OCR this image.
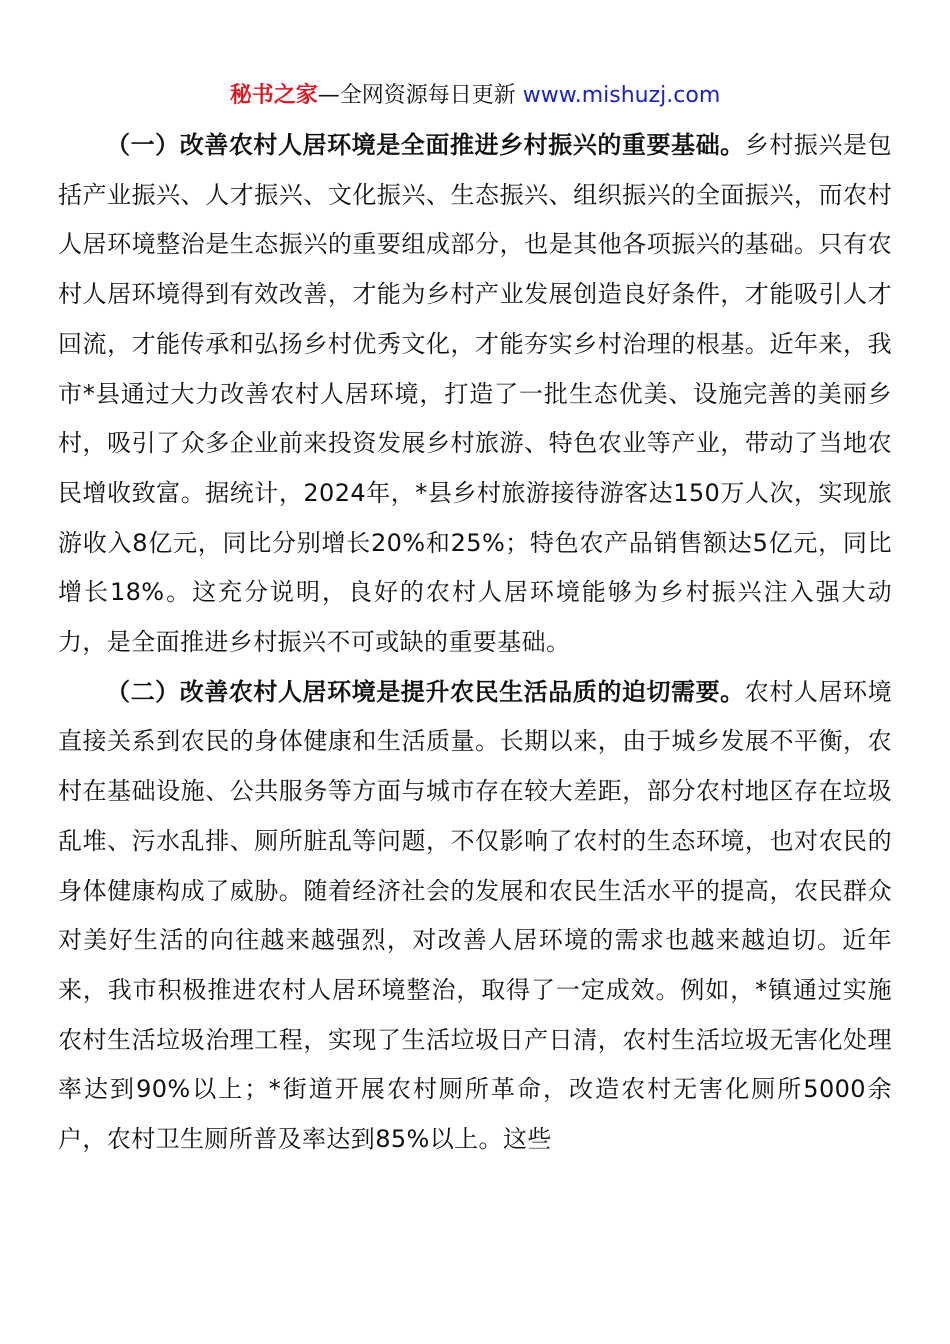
秘书之家—全网资源每日更新 www.mishuzj.com

（一）改善农村人居环境是全面推进乡村振兴的重要基础。乡村振兴是包括产业振兴、人才振兴、文化振兴、生态振兴、组织振兴的全面振兴，而农村人居环境整治是生态振兴的重要组成部分，也是其他各项振兴的基础。只有农村人居环境得到有效改善，才能为乡村产业发展创造良好条件，才能吸引人才回流，才能传承和弘扬乡村优秀文化，才能夯实乡村治理的根基。近年来，我市*县通过大力改善农村人居环境，打造了一批生态优美、设施完善的美丽乡村，吸引了众多企业前来投资发展乡村旅游、特色农业等产业，带动了当地农民增收致富。据统计，2024年，*县乡村旅游接待游客达150万人次，实现旅游收入8亿元，同比分别增长20%和25%；特色农产品销售额达5亿元，同比增长18%。这充分说明，良好的农村人居环境能够为乡村振兴注入强大动力，是全面推进乡村振兴不可或缺的重要基础。

（二）改善农村人居环境是提升农民生活品质的迫切需要。农村人居环境直接关系到农民的身体健康和生活质量。长期以来，由于城乡发展不平衡，农村在基础设施、公共服务等方面与城市存在较大差距，部分农村地区存在垃圾乱堆、污水乱排、厕所脏乱等问题，不仅影响了农村的生态环境，也对农民的身体健康构成了威胁。随着经济社会的发展和农民生活水平的提高，农民群众对美好生活的向往越来越强烈，对改善人居环境的需求也越来越迫切。近年来，我市积极推进农村人居环境整治，取得了一定成效。例如，*镇通过实施农村生活垃圾治理工程，实现了生活垃圾日产日清，农村生活垃圾无害化处理率达到90%以上；*街道开展农村厕所革命，改造农村无害化厕所5000余户，农村卫生厕所普及率达到85%以上。这些
